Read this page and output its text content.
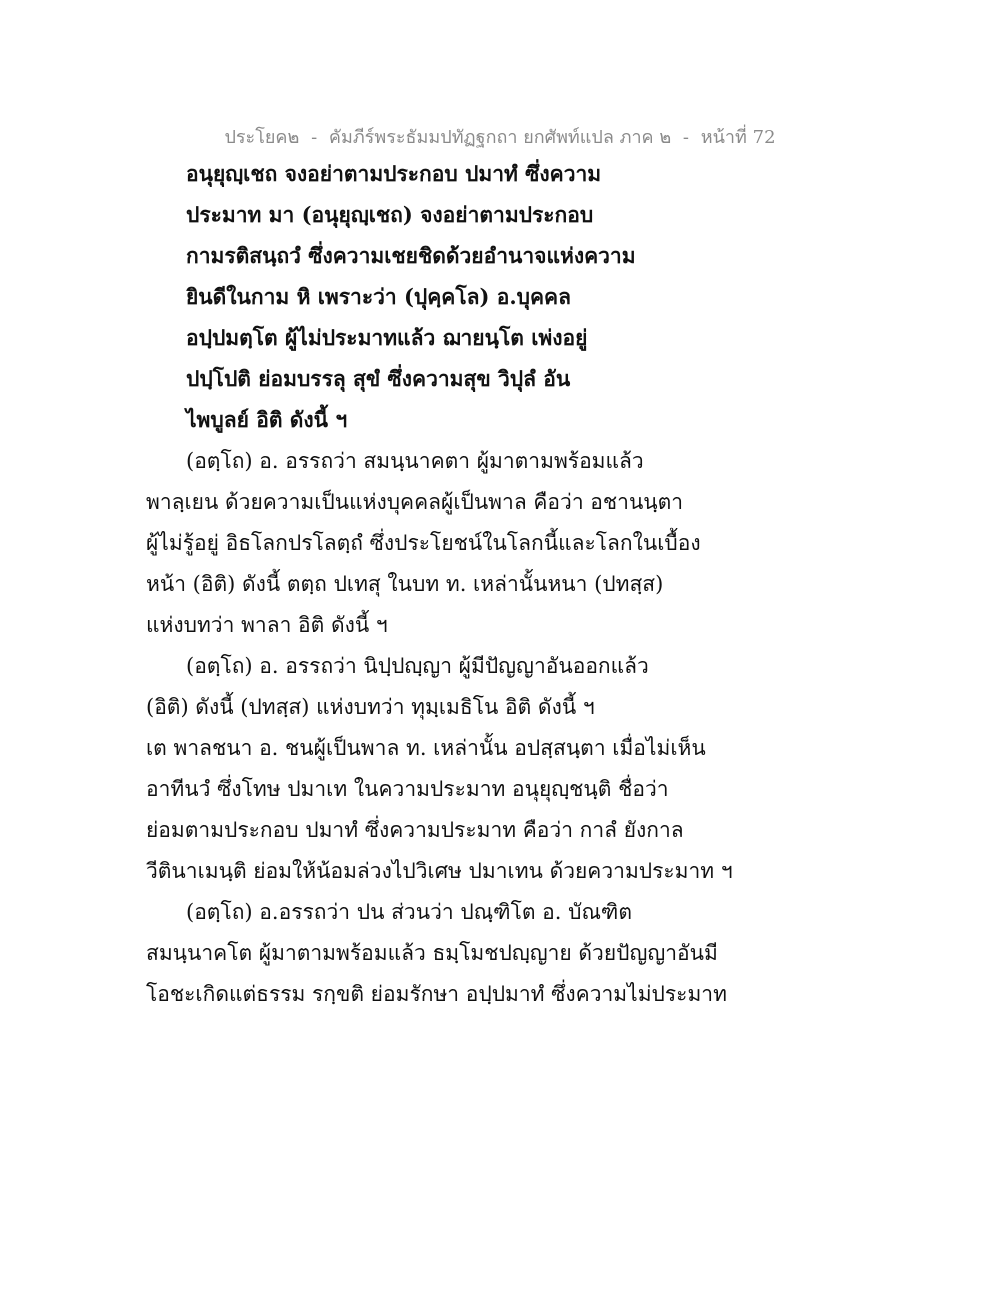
ประโยค๒ - คัมภีร์พระธัมมปทัฏฐกถา ยกศัพท์แปล ภาค ๒ - หน้าที่ 72
อนุยุญฺเชถ จงอย่าตามประกอบ ปมาทํ ซึ่งความ
ประมาท มา (อนุยุญฺเชถ) จงอย่าตามประกอบ
กามรติสนฺถวํ ซึ่งความเชยชิดด้วยอำนาจแห่งความ
ยินดีในกาม หิ เพราะว่า (ปุคฺคโล) อ.บุคคล
อปฺปมตฺโต ผู้ไม่ประมาทแล้ว ฌายนฺโต เพ่งอยู่
ปปฺโปติ ย่อมบรรลุ สุขํ ซึ่งความสุข วิปุลํ อัน
ไพบูลย์ อิติ ดังนี้ ฯ
(อตฺโถ) อ. อรรถว่า สมนฺนาคตา ผู้มาตามพร้อมแล้ว
พาลฺเยน ด้วยความเป็นแห่งบุคคลผู้เป็นพาล คือว่า อชานนฺตา
ผู้ไม่รู้อยู่ อิธโลกปรโลตฺถํ ซึ่งประโยชน์ในโลกนี้และโลกในเบื้อง
หน้า (อิติ) ดังนี้ ตตฺถ ปเทสุ ในบท ท. เหล่านั้นหนา (ปทสฺส)
แห่งบทว่า พาลา อิติ ดังนี้ ฯ
(อตฺโถ) อ. อรรถว่า นิปฺปญฺญา ผู้มีปัญญาอันออกแล้ว
(อิติ) ดังนี้ (ปทสฺส) แห่งบทว่า ทุมฺเมธิโน อิติ ดังนี้ ฯ
เต พาลชนา อ. ชนผู้เป็นพาล ท. เหล่านั้น อปสฺสนฺตา เมื่อไม่เห็น
อาทีนวํ ซึ่งโทษ ปมาเท ในความประมาท อนุยุญฺชนฺติ ชื่อว่า
ย่อมตามประกอบ ปมาทํ ซึ่งความประมาท คือว่า กาลํ ยังกาล
วีตินาเมนฺติ ย่อมให้น้อมล่วงไปวิเศษ ปมาเทน ด้วยความประมาท ฯ
(อตฺโถ) อ.อรรถว่า ปน ส่วนว่า ปณฺฑิโต อ. บัณฑิต
สมนฺนาคโต ผู้มาตามพร้อมแล้ว ธมฺโมชปญฺญาย ด้วยปัญญาอันมี
โอชะเกิดแต่ธรรม รกฺขติ ย่อมรักษา อปฺปมาทํ ซึ่งความไม่ประมาท
